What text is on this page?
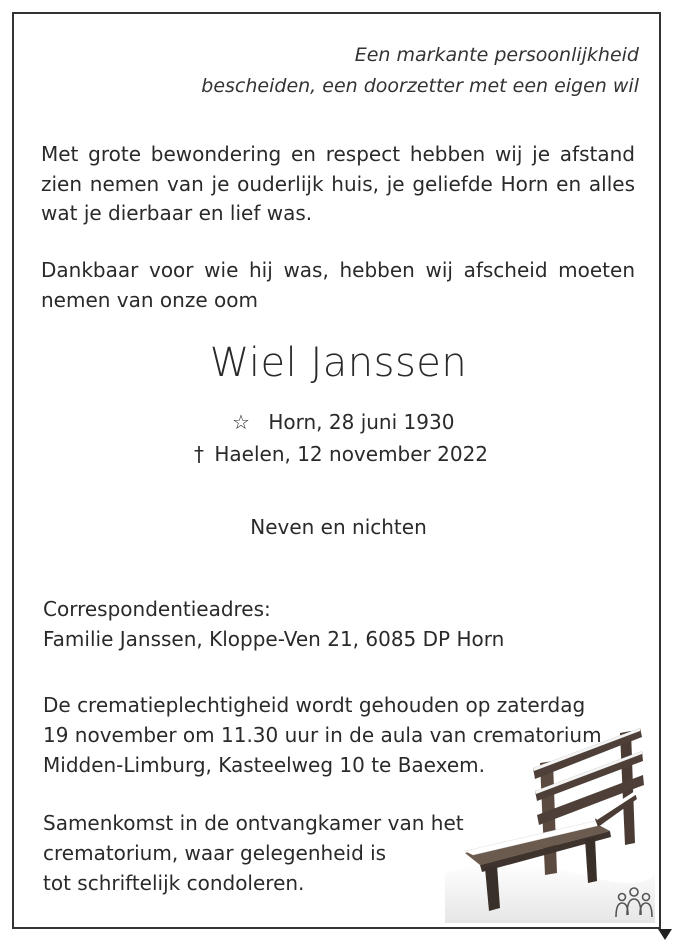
Een markante persoonlijkheid
bescheiden, een doorzetter met een eigen wil
Met grote bewondering en respect hebben wij je afstand
zien nemen van je ouderlijk huis, je geliefde Horn en alles
wat je dierbaar en lief was.
Dankbaar voor wie hij was, hebben wij afscheid moeten
nemen van onze oom
Wiel Janssen
☆ Horn, 28 juni 1930
† Haelen, 12 november 2022
Neven en nichten
Correspondentieadres:
Familie Janssen, Kloppe-Ven 21, 6085 DP Horn
De crematieplechtigheid wordt gehouden op zaterdag
19 november om 11.30 uur in de aula van crematorium
Midden-Limburg, Kasteelweg 10 te Baexem.
Samenkomst in de ontvangkamer van het
crematorium, waar gelegenheid is
tot schriftelijk condoleren.
